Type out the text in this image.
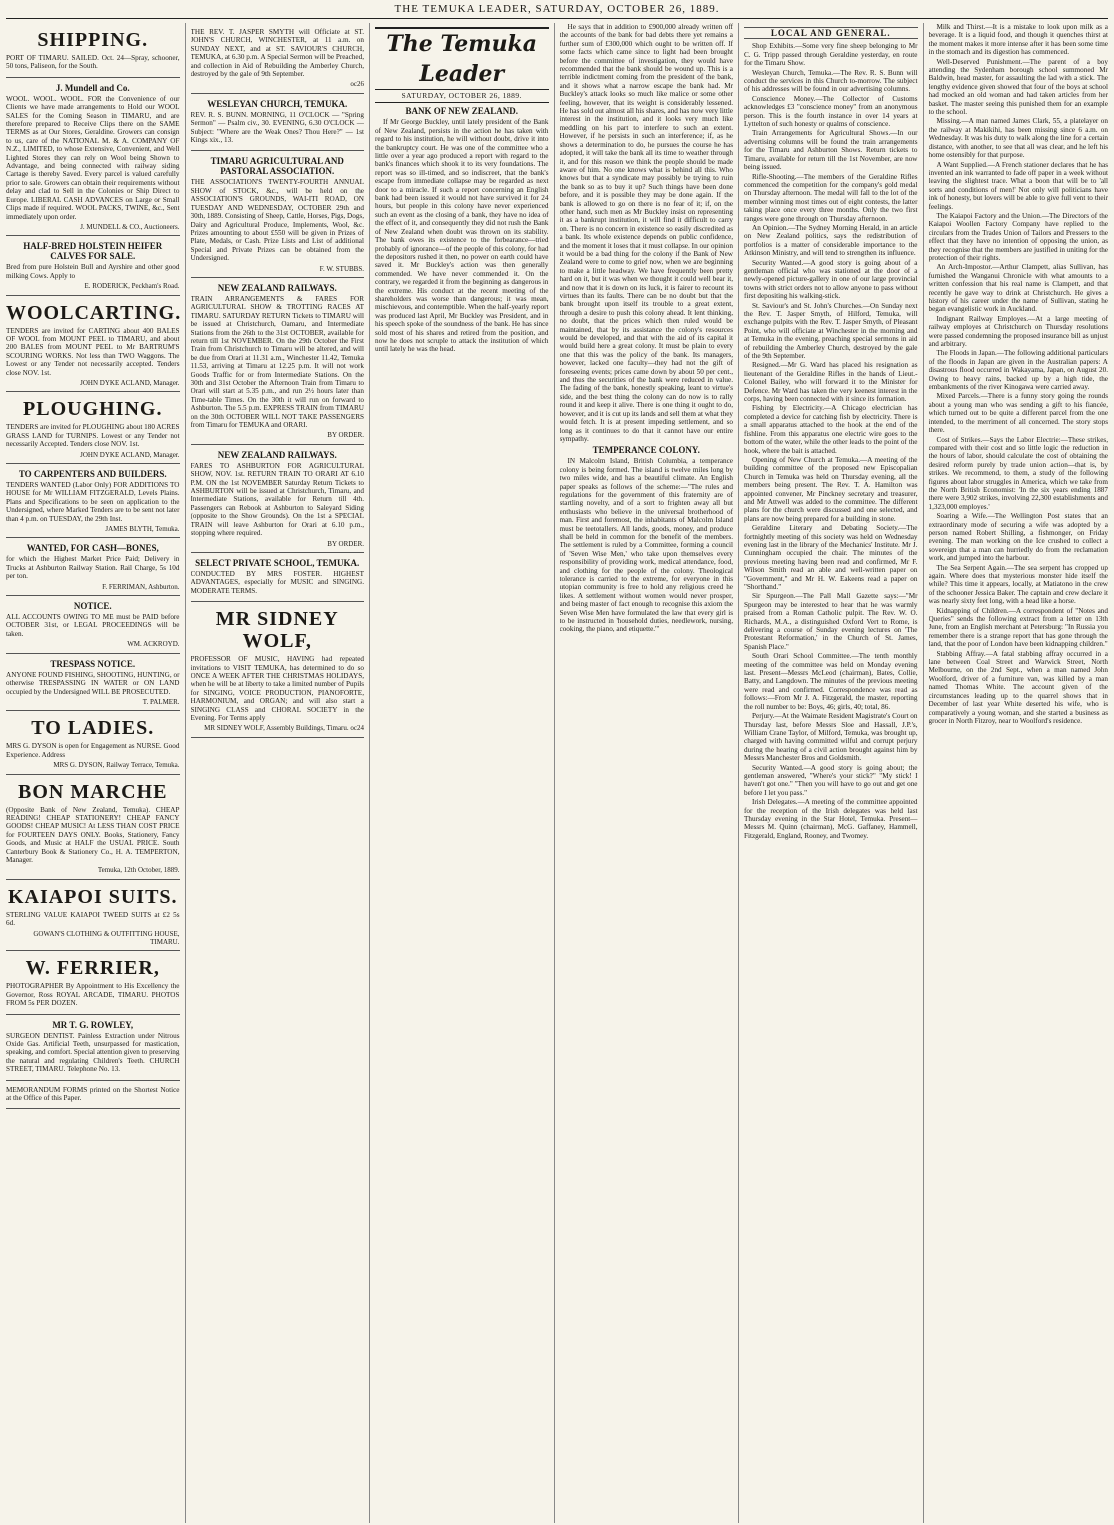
THE TEMUKA LEADER, SATURDAY, OCTOBER 26, 1889.
SHIPPING.
PORT OF TIMARU. SAILED. Oct. 24—Spray, schooner, 50 tons, Paliseon, for the South.
J. Mundell and Co.
WOOL. WOOL. WOOL. FOR the Convenience of our Clients we have made arrangements to Hold our WOOL SALES for the Coming Season in TIMARU, and are therefore prepared to Receive Clips there on the SAME TERMS as at Our Stores, Geraldine. Growers can consign to us, care of the NATIONAL M. & A. COMPANY OF N.Z., LIMITED, to whose Extensive, Convenient, and Well Lighted Stores they can rely on Wool being Shown to Advantage, and being connected with railway siding Cartage is thereby Saved. Every parcel is valued carefully prior to sale. Growers can obtain their requirements without delay and clad to Sell in the Colonies or Ship Direct to Europe. LIBERAL CASH ADVANCES on Large or Small Clips made if required. WOOL PACKS, TWINE, &c., Sent immediately upon order.
J. MUNDELL & CO., Auctioneers.
HALF-BRED HOLSTEIN HEIFER CALVES FOR SALE.
Bred from pure Holstein Bull and Ayrshire and other good milking Cows. Apply to
E. RODERICK, Peckham's Road.
WOOLCARTING.
TENDERS are invited for CARTING about 400 BALES OF WOOL from MOUNT PEEL to TIMARU, and about 200 BALES from MOUNT PEEL to Mr BARTRUM'S SCOURING WORKS. Not less than TWO Waggons. The Lowest or any Tender not necessarily accepted. Tenders close NOV. 1st.
JOHN DYKE ACLAND, Manager.
PLOUGHING.
TENDERS are invited for PLOUGHING about 180 ACRES GRASS LAND for TURNIPS. Lowest or any Tender not necessarily Accepted. Tenders close NOV. 1st.
JOHN DYKE ACLAND, Manager.
TO CARPENTERS AND BUILDERS.
TENDERS WANTED (Labor Only) FOR ADDITIONS TO HOUSE for Mr WILLIAM FITZGERALD, Levels Plains. Plans and Specifications to be seen on application to the Undersigned, where Marked Tenders are to be sent not later than 4 p.m. on TUESDAY, the 29th Inst.
JAMES BLYTH, Temuka.
WANTED, FOR CASH—BONES,
for which the Highest Market Price Paid; Delivery in Trucks at Ashburton Railway Station. Rail Charge, 5s 10d per ton.
F. FERRIMAN, Ashburton.
NOTICE.
ALL ACCOUNTS OWING TO ME must be PAID before OCTOBER 31st, or LEGAL PROCEEDINGS will be taken.
WM. ACKROYD.
TRESPASS NOTICE.
ANYONE FOUND FISHING, SHOOTING, HUNTING, or otherwise TRESPASSING IN WATER or ON LAND occupied by the Undersigned WILL BE PROSECUTED.
T. PALMER.
TO LADIES.
MRS G. DYSON is open for Engagement as NURSE. Good Experience. Address
MRS G. DYSON, Railway Terrace, Temuka.
BON MARCHE
(Opposite Bank of New Zealand, Temuka). CHEAP READING! CHEAP STATIONERY! CHEAP FANCY GOODS! CHEAP MUSIC! At LESS THAN COST PRICE for FOURTEEN DAYS ONLY. Books, Stationery, Fancy Goods, and Music at HALF the USUAL PRICE. South Canterbury Book & Stationery Co., H. A. TEMPERTON, Manager.
Temuka, 12th October, 1889.
KAIAPOI SUITS.
STERLING VALUE KAIAPOI TWEED SUITS at £2 5s 6d.
GOWAN'S CLOTHING & OUTFITTING HOUSE, TIMARU.
W. FERRIER,
PHOTOGRAPHER By Appointment to His Excellency the Governor, Ross ROYAL ARCADE, TIMARU. PHOTOS FROM 5s PER DOZEN.
MR T. G. ROWLEY,
SURGEON DENTIST. Painless Extraction under Nitrous Oxide Gas. Artificial Teeth, unsurpassed for mastication, speaking, and comfort. Special attention given to preserving the natural and regulating Children's Teeth. CHURCH STREET, TIMARU. Telephone No. 13.
MEMORANDUM FORMS printed on the Shortest Notice at the Office of this Paper.
THE REV. T. JASPER SMYTH will Officiate at ST. JOHN'S CHURCH, WINCHESTER, at 11 a.m. on SUNDAY NEXT, and at ST. SAVIOUR'S CHURCH, TEMUKA, at 6.30 p.m. A Special Sermon will be Preached, and collection in Aid of Rebuilding the Amberley Church, destroyed by the gale of 9th September.
oc26
WESLEYAN CHURCH, TEMUKA.
REV. R. S. BUNN. MORNING, 11 O'CLOCK — "Spring Sermon" — Psalm civ., 30. EVENING, 6.30 O'CLOCK — Subject: "Where are the Weak Ones? Thou Here?" — 1st Kings xix., 13.
TIMARU AGRICULTURAL AND PASTORAL ASSOCIATION.
THE ASSOCIATION'S TWENTY-FOURTH ANNUAL SHOW of STOCK, &c., will be held on the ASSOCIATION'S GROUNDS, WAI-ITI ROAD, ON TUESDAY AND WEDNESDAY, OCTOBER 29th and 30th, 1889. Consisting of Sheep, Cattle, Horses, Pigs, Dogs, Dairy and Agricultural Produce, Implements, Wool, &c. Prizes amounting to about £550 will be given in Prizes of Plate, Medals, or Cash. Prize Lists and List of additional Special and Private Prizes can be obtained from the Undersigned.
F. W. STUBBS.
NEW ZEALAND RAILWAYS.
TRAIN ARRANGEMENTS & FARES FOR AGRICULTURAL SHOW & TROTTING RACES AT TIMARU. SATURDAY RETURN Tickets to TIMARU will be issued at Christchurch, Oamaru, and Intermediate Stations from the 26th to the 31st OCTOBER, available for return till 1st NOVEMBER. On the 29th October the First Train from Christchurch to Timaru will be altered, and will be due from Orari at 11.31 a.m., Winchester 11.42, Temuka 11.53, arriving at Timaru at 12.25 p.m. It will not work Goods Traffic for or from Intermediate Stations. On the 30th and 31st October the Afternoon Train from Timaru to Orari will start at 5.35 p.m., and run 2½ hours later than Time-table Times. On the 30th it will run on forward to Ashburton. The 5.5 p.m. EXPRESS TRAIN from TIMARU on the 30th OCTOBER WILL NOT TAKE PASSENGERS from Timaru for TEMUKA and ORARI.
BY ORDER.
NEW ZEALAND RAILWAYS.
FARES TO ASHBURTON FOR AGRICULTURAL SHOW, NOV. 1st. RETURN TRAIN TO ORARI AT 6.10 P.M. ON the 1st NOVEMBER Saturday Return Tickets to ASHBURTON will be issued at Christchurch, Timaru, and Intermediate Stations, available for Return till 4th. Passengers can Rebook at Ashburton to Saleyard Siding (opposite to the Show Grounds). On the 1st a SPECIAL TRAIN will leave Ashburton for Orari at 6.10 p.m., stopping where required.
BY ORDER.
SELECT PRIVATE SCHOOL, TEMUKA.
CONDUCTED BY MRS FOSTER. HIGHEST ADVANTAGES, especially for MUSIC and SINGING. MODERATE TERMS.
MR SIDNEY WOLF,
PROFESSOR OF MUSIC, HAVING had repeated invitations to VISIT TEMUKA, has determined to do so ONCE A WEEK AFTER THE CHRISTMAS HOLIDAYS, when he will be at liberty to take a limited number of Pupils for SINGING, VOICE PRODUCTION, PIANOFORTE, HARMONIUM, and ORGAN; and will also start a SINGING CLASS and CHORAL SOCIETY in the Evening. For Terms apply
MR SIDNEY WOLF, Assembly Buildings, Timaru. oc24
The Temuka Leader
SATURDAY, OCTOBER 26, 1889.
BANK OF NEW ZEALAND.

If Mr George Buckley, until lately president of the Bank of New Zealand, persists in the action he has taken with regard to his institution, he will without doubt, drive it into the bankruptcy court. He was one of the committee who a little over a year ago produced a report with regard to the bank's finances which shook it to its very foundations. The report was so ill-timed, and so indiscreet, that the bank's escape from immediate collapse may be regarded as next door to a miracle. If such a report concerning an English bank had been issued it would not have survived it for 24 hours, but people in this colony have never experienced such an event as the closing of a bank, they have no idea of the effect of it, and consequently they did not rush the Bank of New Zealand when doubt was thrown on its stability. The bank owes its existence to the forbearance—tried probably of ignorance—of the people of this colony, for had the depositors rushed it then, no power on earth could have saved it. Mr Buckley's action was then generally commended. We have never commended it. On the contrary, we regarded it from the beginning as dangerous in the extreme. His conduct at the recent meeting of the shareholders was worse than dangerous; it was mean, mischievous, and contemptible. When the half-yearly report was produced last April, Mr Buckley was President, and in his speech spoke of the soundness of the bank. He has since sold most of his shares and retired from the position, and now he does not scruple to attack the institution of which until lately he was the head.

He says that in addition to £900,000 already written off the accounts of the bank for bad debts there yet remains a further sum of £300,000 which ought to be written off. If some facts which came since to light had been brought before the committee of investigation, they would have recommended that the bank should be wound up. This is a terrible indictment coming from the president of the bank, and it shows what a narrow escape the bank had. Mr Buckley's attack looks so much like malice or some other feeling, however, that its weight is considerably lessened. He has sold out almost all his shares, and has now very little interest in the institution, and it looks very much like meddling on his part to interfere to such an extent. However, if he persists in such an interference; if, as he shows a determination to do, he pursues the course he has adopted, it will take the bank all its time to weather through it, and for this reason we think the people should be made aware of him. No one knows what is behind all this. Who knows but that a syndicate may possibly be trying to ruin the bank so as to buy it up? Such things have been done before, and it is possible they may be done again. If the bank is allowed to go on there is no fear of it; if, on the other hand, such men as Mr Buckley insist on representing it as a bankrupt institution, it will find it difficult to carry on. There is no concern in existence so easily discredited as a bank. Its whole existence depends on public confidence, and the moment it loses that it must collapse. In our opinion it would be a bad thing for the colony if the Bank of New Zealand were to come to grief now, when we are beginning to make a little headway. We have frequently been pretty hard on it, but it was when we thought it could well bear it, and now that it is down on its luck, it is fairer to recount its virtues than its faults. There can be no doubt but that the bank brought upon itself its trouble to a great extent, through a desire to push this colony ahead. It lent thinking, no doubt, that the prices which then ruled would be maintained, that by its assistance the colony's resources would be developed, and that with the aid of its capital it would build here a great colony. It must be plain to every one that this was the policy of the bank. Its managers, however, lacked one faculty—they had not the gift of foreseeing events; prices came down by about 50 per cent., and thus the securities of the bank were reduced in value. The fading of the bank, honestly speaking, leant to virtue's side, and the best thing the colony can do now is to rally round it and keep it alive. There is one thing it ought to do, however, and it is cut up its lands and sell them at what they would fetch. It is at present impeding settlement, and so long as it continues to do that it cannot have our entire sympathy.

TEMPERANCE COLONY.

IN Malcolm Island, British Columbia, a temperance colony is being formed. The island is twelve miles long by two miles wide, and has a beautiful climate. An English paper speaks as follows of the scheme:—"The rules and regulations for the government of this fraternity are of startling novelty, and of a sort to frighten away all but enthusiasts who believe in the universal brotherhood of man. First and foremost, the inhabitants of Malcolm Island must be teetotallers. All lands, goods, money, and produce shall be held in common for the benefit of the members. The settlement is ruled by a Committee, forming a council of 'Seven Wise Men,' who take upon themselves every responsibility of providing work, medical attendance, food, and clothing for the people of the colony. Theological tolerance is carried to the extreme, for everyone in this utopian community is free to hold any religious creed he likes. A settlement without women would never prosper, and being master of fact enough to recognise this axiom the Seven Wise Men have formulated the law that every girl is to be instructed in 'household duties, needlework, nursing, cooking, the piano, and etiquette.'"

LOCAL AND GENERAL.

Shop Exhibits.—Some very fine sheep belonging to Mr C. G. Tripp passed through Geraldine yesterday, en route for the Timaru Show.

Wesleyan Church, Temuka.—The Rev. R. S. Bunn will conduct the services in this Church to-morrow. The subject of his addresses will be found in our advertising columns.

Conscience Money.—The Collector of Customs acknowledges £3 "conscience money" from an anonymous person. This is the fourth instance in over 14 years at Lyttelton of such honesty or qualms of conscience.

Train Arrangements for Agricultural Shows.—In our advertising columns will be found the train arrangements for the Timaru and Ashburton Shows. Return tickets to Timaru, available for return till the 1st November, are now being issued.

Rifle-Shooting.—The members of the Geraldine Rifles commenced the competition for the company's gold medal on Thursday afternoon. The medal will fall to the lot of the member winning most times out of eight contests, the latter taking place once every three months. Only the two first ranges were gone through on Thursday afternoon.

An Opinion.—The Sydney Morning Herald, in an article on New Zealand politics, says the redistribution of portfolios is a matter of considerable importance to the Atkinson Ministry, and will tend to strengthen its influence.

Security Wanted.—A good story is going about of a gentleman official who was stationed at the door of a newly-opened picture-gallery in one of our large provincial towns with strict orders not to allow anyone to pass without first depositing his walking-stick.

St. Saviour's and St. John's Churches.—On Sunday next the Rev. T. Jasper Smyth, of Hilford, Temuka, will exchange pulpits with the Rev. T. Jasper Smyth, of Pleasant Point, who will officiate at Winchester in the morning and at Temuka in the evening, preaching special sermons in aid of rebuilding the Amberley Church, destroyed by the gale of the 9th September.

Resigned.—Mr G. Ward has placed his resignation as lieutenant of the Geraldine Rifles in the hands of Lieut.-Colonel Bailey, who will forward it to the Minister for Defence. Mr Ward has taken the very keenest interest in the corps, having been connected with it since its formation.

Fishing by Electricity.—A Chicago electrician has completed a device for catching fish by electricity. There is a small apparatus attached to the hook at the end of the fishline. From this apparatus one electric wire goes to the bottom of the water, while the other leads to the point of the hook, where the bait is attached.

Opening of New Church at Temuka.—A meeting of the building committee of the proposed new Episcopalian Church in Temuka was held on Thursday evening, all the members being present. The Rev. T. A. Hamilton was appointed convener, Mr Pinckney secretary and treasurer, and Mr Attwell was added to the committee. The different plans for the church were discussed and one selected, and plans are now being prepared for a building in stone.

Geraldine Literary and Debating Society.—The fortnightly meeting of this society was held on Wednesday evening last in the library of the Mechanics' Institute. Mr J. Cunningham occupied the chair. The minutes of the previous meeting having been read and confirmed, Mr F. Wilson Smith read an able and well-written paper on "Government," and Mr H. W. Eakeens read a paper on "Shorthand."

Sir Spurgeon.—The Pall Mall Gazette says:—"Mr Spurgeon may be interested to hear that he was warmly praised from a Roman Catholic pulpit. The Rev. W. O. Richards, M.A., a distinguished Oxford Vert to Rome, is delivering a course of Sunday evening lectures on 'The Protestant Reformation,' in the Church of St. James, Spanish Place."

South Orari School Committee.—The tenth monthly meeting of the committee was held on Monday evening last. Present—Messrs McLeod (chairman), Bates, Collie, Batty, and Langdown. The minutes of the previous meeting were read and confirmed. Correspondence was read as follows:—From Mr J. A. Fitzgerald, the master, reporting the roll number to be: Boys, 46; girls, 40; total, 86.

Perjury.—At the Waimate Resident Magistrate's Court on Thursday last, before Messrs Sloe and Hassall, J.P.'s, William Crane Taylor, of Milford, Temuka, was brought up, charged with having committed wilful and corrupt perjury during the hearing of a civil action brought against him by Messrs Manchester Bros and Goldsmith.

Security Wanted.—A good story is going about; the gentleman answered, "Where's your stick?" "My stick! I haven't got one." "Then you will have to go out and get one before I let you pass."

Irish Delegates.—A meeting of the committee appointed for the reception of the Irish delegates was held last Thursday evening in the Star Hotel, Temuka. Present—Messrs M. Quinn (chairman), McG. Gaffaney, Hammell, Fitzgerald, England, Rooney, and Twomey.

Milk and Thirst.—It is a mistake to look upon milk as a beverage. It is a liquid food, and though it quenches thirst at the moment makes it more intense after it has been some time in the stomach and its digestion has commenced.

Well-Deserved Punishment.—The parent of a boy attending the Sydenham borough school summoned Mr Baldwin, head master, for assaulting the lad with a stick. The lengthy evidence given showed that four of the boys at school had mocked an old woman and had taken articles from her basket. The master seeing this punished them for an example to the school.

Missing.—A man named James Clark, 55, a platelayer on the railway at Makikihi, has been missing since 6 a.m. on Wednesday. It was his duty to walk along the line for a certain distance, with another, to see that all was clear, and he left his home ostensibly for that purpose.

A Want Supplied.—A French stationer declares that he has invented an ink warranted to fade off paper in a week without leaving the slightest trace. What a boon that will be to 'all sorts and conditions of men!' Not only will politicians have ink of honesty, but lovers will be able to give full vent to their feelings.

The Kaiapoi Factory and the Union.—The Directors of the Kaiapoi Woollen Factory Company have replied to the circulars from the Trades Union of Tailors and Pressers to the effect that they have no intention of opposing the union, as they recognise that the members are justified in uniting for the protection of their rights.

An Arch-Impostor.—Arthur Clampett, alias Sullivan, has furnished the Wanganui Chronicle with what amounts to a written confession that his real name is Clampett, and that recently he gave way to drink at Christchurch. He gives a history of his career under the name of Sullivan, stating he began evangelistic work in Auckland.

Indignant Railway Employes.—At a large meeting of railway employes at Christchurch on Thursday resolutions were passed condemning the proposed insurance bill as unjust and arbitrary.

The Floods in Japan.—The following additional particulars of the floods in Japan are given in the Australian papers: A disastrous flood occurred in Wakayama, Japan, on August 20. Owing to heavy rains, backed up by a high tide, the embankments of the river Kinogawa were carried away.

Mixed Parcels.—There is a funny story going the rounds about a young man who was sending a gift to his fiancée, which turned out to be quite a different parcel from the one intended, to the merriment of all concerned. The story stops there.

Cost of Strikes.—Says the Labor Electrie:—These strikes, compared with their cost and so little logic the reduction in the hours of labor, should calculate the cost of obtaining the desired reform purely by trade union action—that is, by strikes. We recommend, to them, a study of the following figures about labor struggles in America, which we take from the North British Economist: 'In the six years ending 1887 there were 3,902 strikes, involving 22,300 establishments and 1,323,000 employes.'

Soaring a Wife.—The Wellington Post states that an extraordinary mode of securing a wife was adopted by a person named Robert Shilling, a fishmonger, on Friday evening. The man working on the Ice crushed to collect a sovereign that a man can hurriedly do from the reclamation work, and jumped into the harbour.

The Sea Serpent Again.—The sea serpent has cropped up again. Where does that mysterious monster hide itself the while? This time it appears, locally, at Matiatono in the crew of the schooner Jessica Baker. The captain and crew declare it was nearly sixty feet long, with a head like a horse.

Kidnapping of Children.—A correspondent of "Notes and Queries" sends the following extract from a letter on 13th June, from an English merchant at Petersburg: "In Russia you remember there is a strange report that has gone through the land, that the poor of London have been kidnapping children."

Stabbing Affray.—A fatal stabbing affray occurred in a lane between Coal Street and Warwick Street, North Melbourne, on the 2nd Sept., when a man named John Woolford, driver of a furniture van, was killed by a man named Thomas White. The account given of the circumstances leading up to the quarrel shows that in December of last year White deserted his wife, who is comparatively a young woman, and she started a business as grocer in North Fitzroy, near to Woolford's residence.
